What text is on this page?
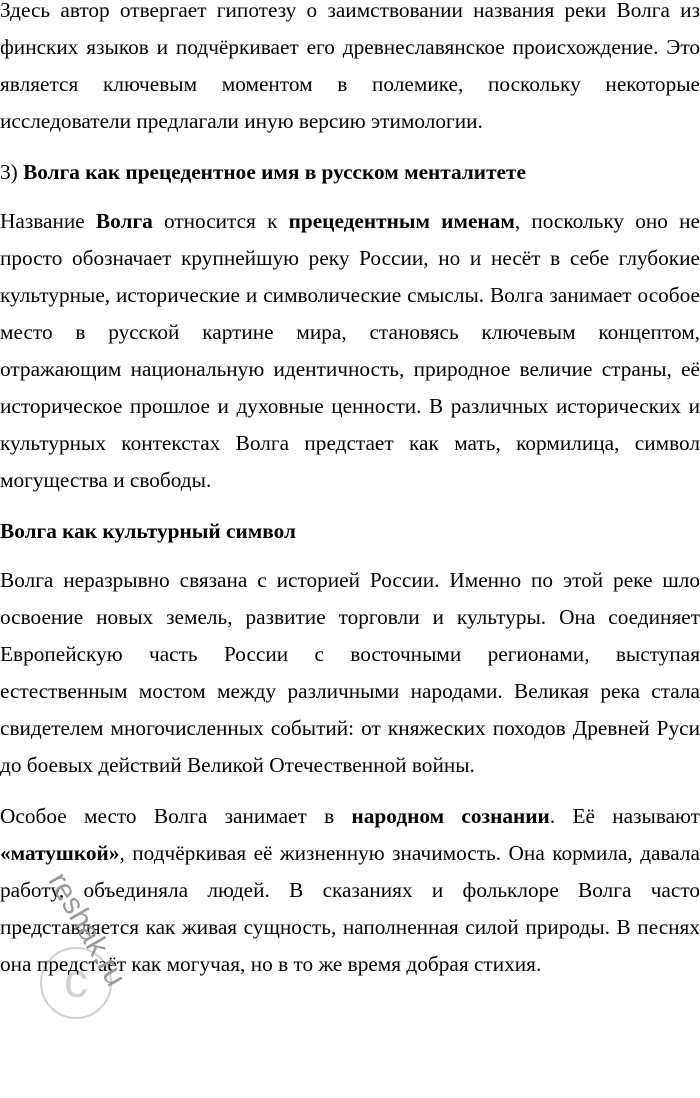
Здесь автор отвергает гипотезу о заимствовании названия реки Волга из финских языков и подчёркивает его древнеславянское происхождение. Это является ключевым моментом в полемике, поскольку некоторые исследователи предлагали иную версию этимологии.

3) Волга как прецедентное имя в русском менталитете

Название Волга относится к прецедентным именам, поскольку оно не просто обозначает крупнейшую реку России, но и несёт в себе глубокие культурные, исторические и символические смыслы. Волга занимает особое место в русской картине мира, становясь ключевым концептом, отражающим национальную идентичность, природное величие страны, её историческое прошлое и духовные ценности. В различных исторических и культурных контекстах Волга предстает как мать, кормилица, символ могущества и свободы.

Волга как культурный символ

Волга неразрывно связана с историей России. Именно по этой реке шло освоение новых земель, развитие торговли и культуры. Она соединяет Европейскую часть России с восточными регионами, выступая естественным мостом между различными народами. Великая река стала свидетелем многочисленных событий: от княжеских походов Древней Руси до боевых действий Великой Отечественной войны.

Особое место Волга занимает в народном сознании. Её называют «матушкой», подчёркивая её жизненную значимость. Она кормила, давала работу, объединяла людей. В сказаниях и фольклоре Волга часто представляется как живая сущность, наполненная силой природы. В песнях она предстаёт как могучая, но в то же время добрая стихия.

reshak.ru
